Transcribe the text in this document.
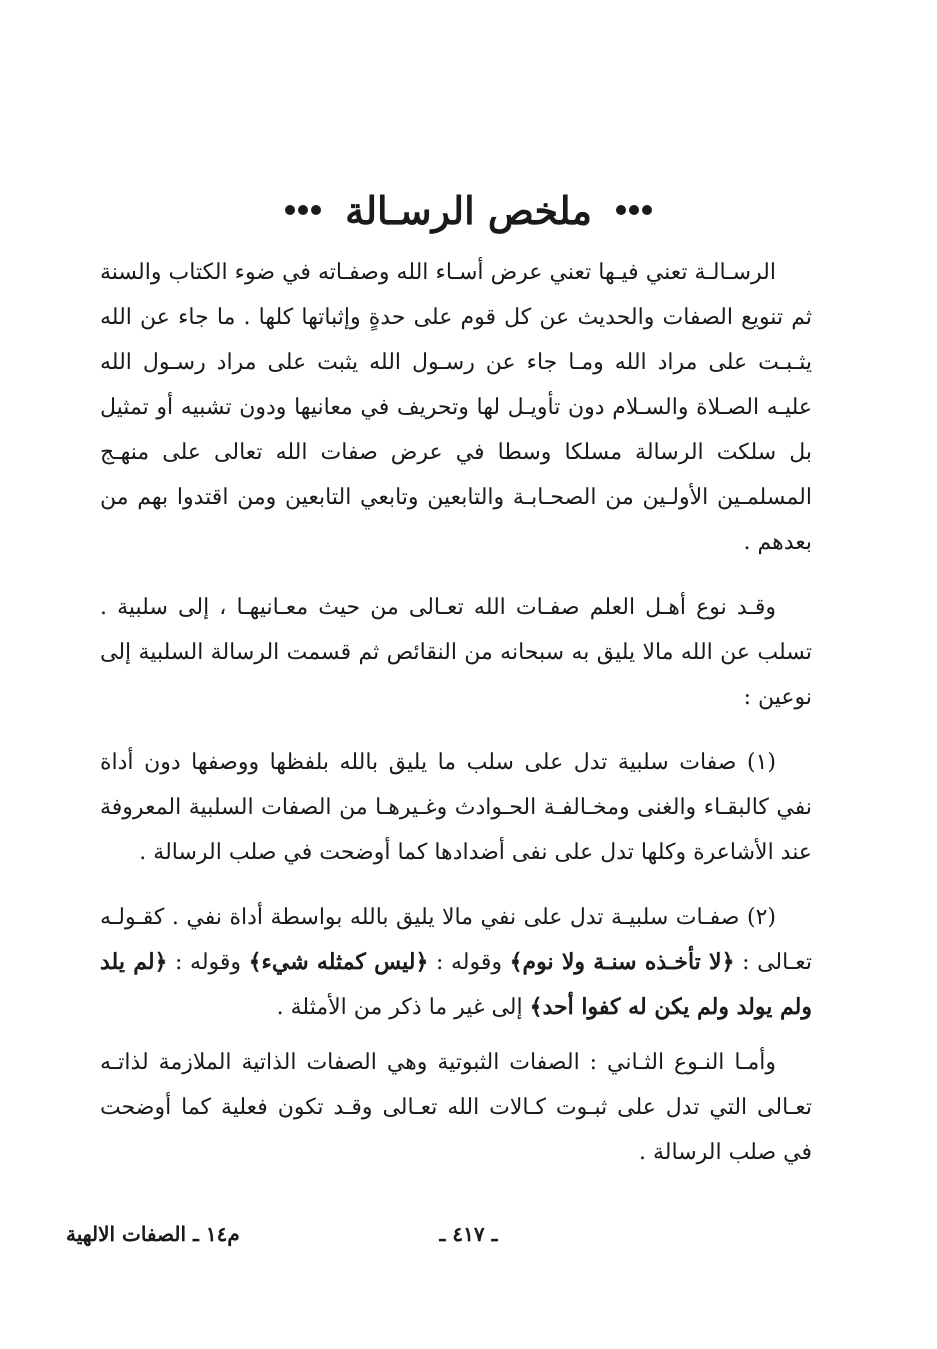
ملخص الرسـالة

الرسـالـة تعني فيـها تعني عرض أسـاء الله وصفـاته في ضوء الكتاب والسنة ثم تنويع الصفات والحديث عن كل قوم على حدةٍ وإثباتها كلها . ما جاء عن الله يثـبـت على مراد الله ومـا جاء عن رسـول الله يثبت على مراد رسـول الله عليـه الصـلاة والسـلام دون تأويـل لها وتحريف في معانيها ودون تشبيه أو تمثيل بل سلكت الرسالة مسلكا وسطا في عرض صفات الله تعالى على منهـج المسلمـين الأولـين من الصحـابـة والتابعين وتابعي التابعين ومن اقتدوا بهم من بعدهم .

وقـد نوع أهـل العلم صفـات الله تعـالى من حيث معـانيهـا ، إلى سلبية . تسلب عن الله مالا يليق به سبحانه من النقائص ثم قسمت الرسالة السلبية إلى نوعين :

(١) صفات سلبية تدل على سلب ما يليق بالله بلفظها ووصفها دون أداة نفي كالبقـاء والغنى ومخـالفـة الحـوادث وغـيرهـا من الصفات السلبية المعروفة عند الأشاعرة وكلها تدل على نفى أضدادها كما أوضحت في صلب الرسالة .

(٢) صفـات سلبيـة تدل على نفي مالا يليق بالله بواسطة أداة نفي . كقـولـه تعـالى : ﴿لا تأخـذه سنـة ولا نوم﴾ وقوله : ﴿ليس كمثله شيء﴾ وقوله : ﴿لم يلد ولم يولد ولم يكن له كفوا أحد﴾ إلى غير ما ذكر من الأمثلة .

وأمـا النـوع الثـاني : الصفات الثبوتية وهي الصفات الذاتية الملازمة لذاتـه تعـالى التي تدل على ثبـوت كـالات الله تعـالى وقـد تكون فعلية كما أوضحت في صلب الرسالة .

ـ ٤١٧ ـ
م١٤ ـ الصفات الالهية
